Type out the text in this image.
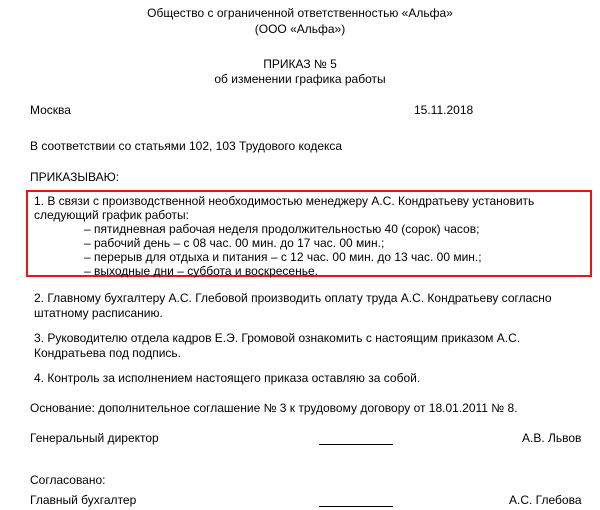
Общество с ограниченной ответственностью «Альфа»
(ООО «Альфа»)
ПРИКАЗ № 5
об изменении графика работы
Москва	15.11.2018
В соответствии со статьями 102, 103 Трудового кодекса
ПРИКАЗЫВАЮ:
1. В связи с производственной необходимостью менеджеру А.С. Кондратьеву установить
следующий график работы:
– пятидневная рабочая неделя продолжительностью 40 (сорок) часов;
– рабочий день – с 08 час. 00 мин. до 17 час. 00 мин.;
– перерыв для отдыха и питания – с 12 час. 00 мин. до 13 час. 00 мин.;
– выходные дни – суббота и воскресенье.
2. Главному бухгалтеру А.С. Глебовой производить оплату труда А.С. Кондратьеву согласно
штатному расписанию.
3. Руководителю отдела кадров Е.Э. Громовой ознакомить с настоящим приказом А.С.
Кондратьева под подпись.
4. Контроль за исполнением настоящего приказа оставляю за собой.
Основание: дополнительное соглашение № 3 к трудовому договору от 18.01.2011 № 8.
Генеральный директор	А.В. Львов
Согласовано:
Главный бухгалтер	А.С. Глебова
